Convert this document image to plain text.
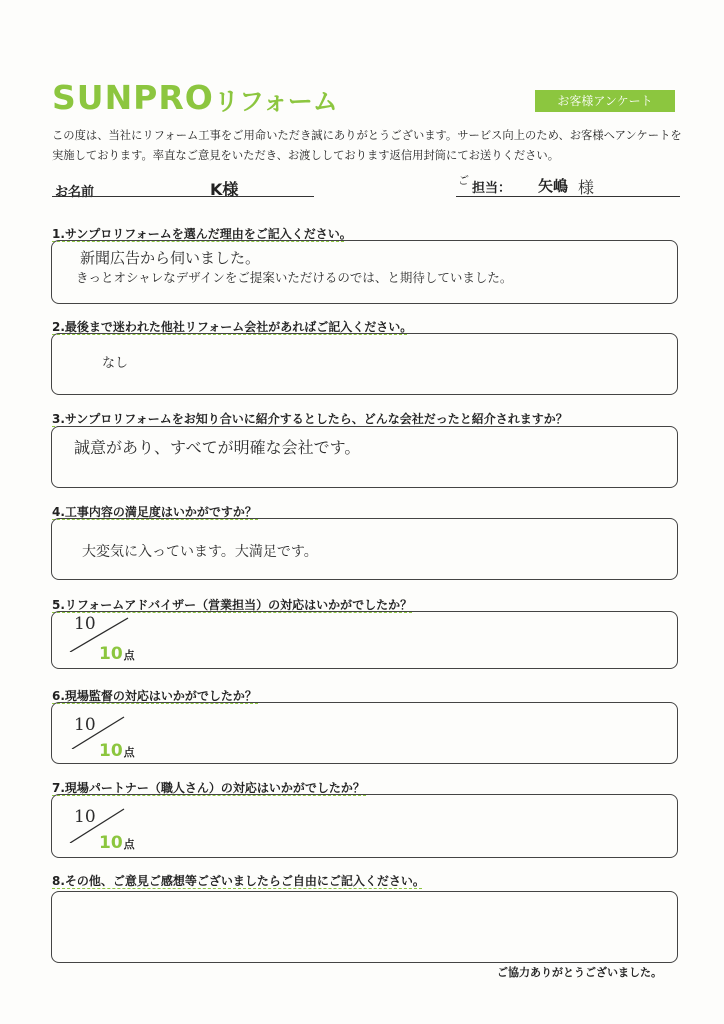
SUNPRO リフォーム	お客様アンケート
この度は、当社にリフォーム工事をご用命いただき誠にありがとうございます。サービス向上のため、お客様へアンケートを実施しております。率直なご意見をいただき、お渡ししております返信用封筒にてお送りください。
お名前	K様	ご
担当： 矢嶋 様
1.サンプロリフォームを選んだ理由をご記入ください。
新聞広告から伺いました。
きっとオシャレなデザインをご提案いただけるのでは、と期待していました。
2.最後まで迷われた他社リフォーム会社があればご記入ください。
なし
3.サンプロリフォームをお知り合いに紹介するとしたら、どんな会社だったと紹介されますか？
誠意があり、すべてが明確な会社です。
4.工事内容の満足度はいかがですか？
大変気に入っています。大満足です。
5.リフォームアドバイザー（営業担当）の対応はいかがでしたか？
10
10点
6.現場監督の対応はいかがでしたか？
10
10点
7.現場パートナー（職人さん）の対応はいかがでしたか？
10
10点
8.その他、ご意見ご感想等ございましたらご自由にご記入ください。
ご協力ありがとうございました。
